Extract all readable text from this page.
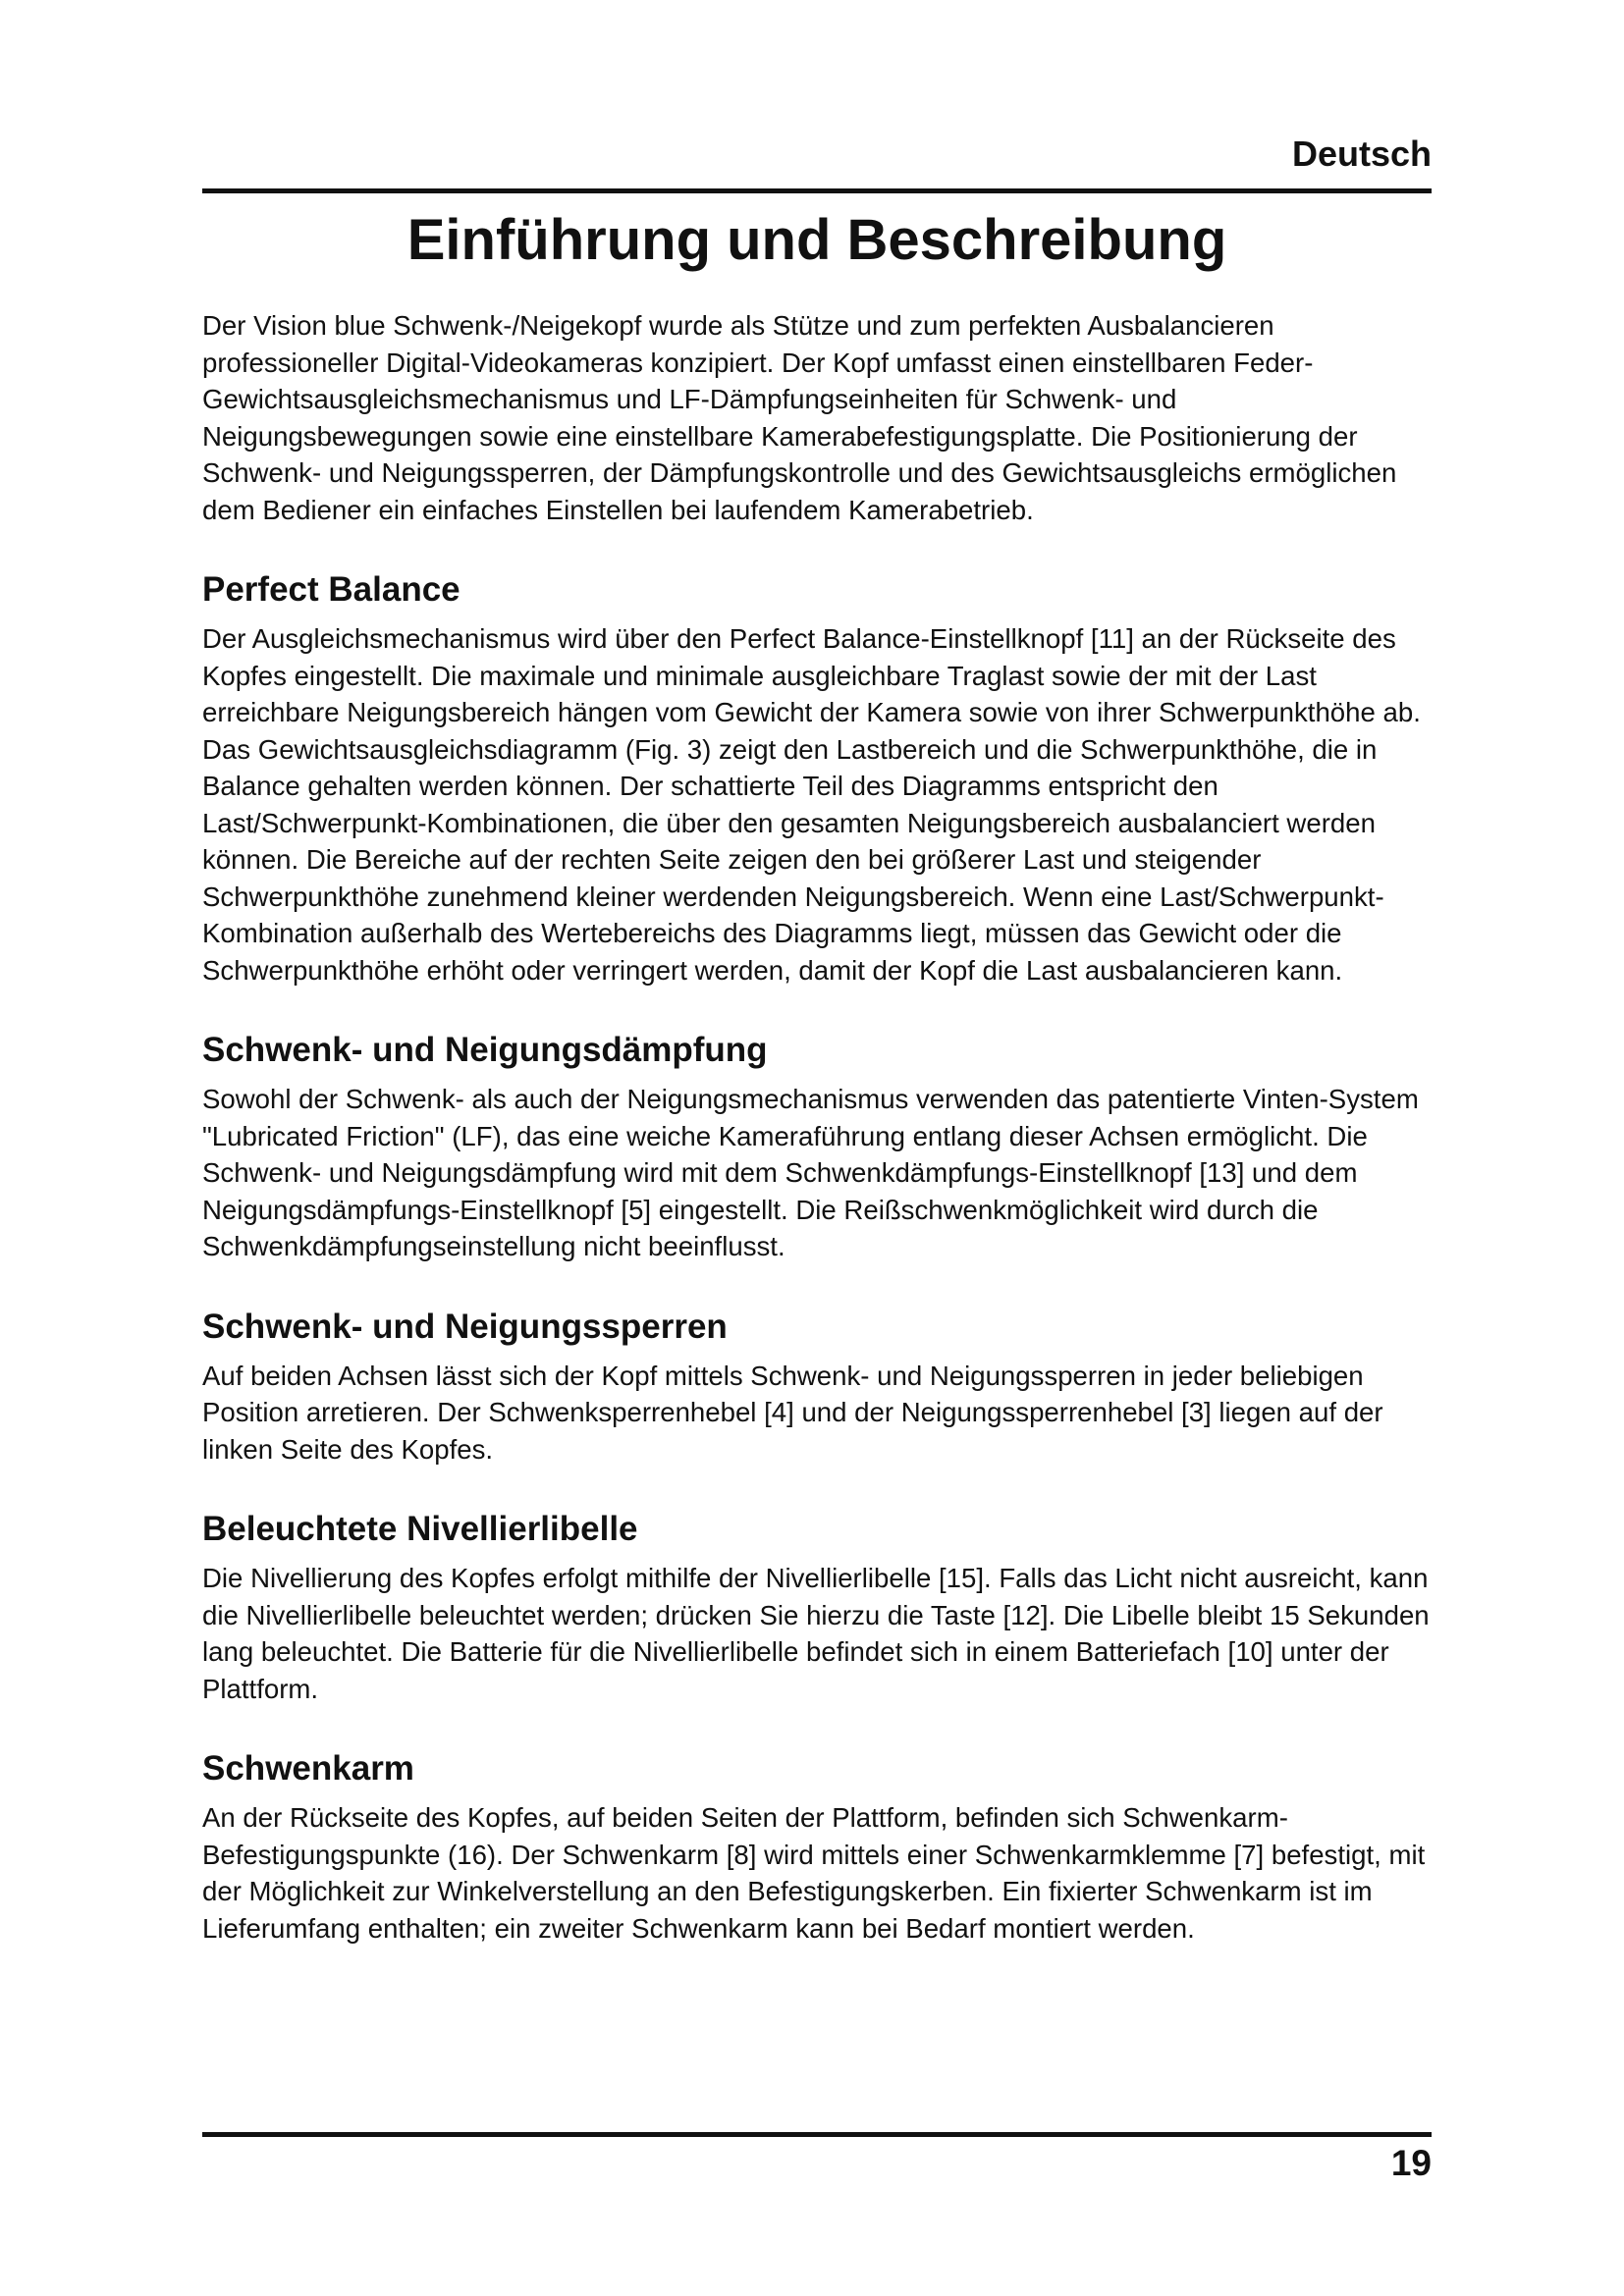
Deutsch

Einführung und Beschreibung

Der Vision blue Schwenk-/Neigekopf wurde als Stütze und zum perfekten Ausbalancieren professioneller Digital-Videokameras konzipiert. Der Kopf umfasst einen einstellbaren Feder-Gewichtsausgleichsmechanismus und LF-Dämpfungseinheiten für Schwenk- und Neigungsbewegungen sowie eine einstellbare Kamerabefestigungsplatte. Die Positionierung der Schwenk- und Neigungssperren, der Dämpfungskontrolle und des Gewichtsausgleichs ermöglichen dem Bediener ein einfaches Einstellen bei laufendem Kamerabetrieb.

Perfect Balance

Der Ausgleichsmechanismus wird über den Perfect Balance-Einstellknopf [11] an der Rückseite des Kopfes eingestellt. Die maximale und minimale ausgleichbare Traglast sowie der mit der Last erreichbare Neigungsbereich hängen vom Gewicht der Kamera sowie von ihrer Schwerpunkthöhe ab. Das Gewichtsausgleichsdiagramm (Fig. 3) zeigt den Lastbereich und die Schwerpunkthöhe, die in Balance gehalten werden können. Der schattierte Teil des Diagramms entspricht den Last/Schwerpunkt-Kombinationen, die über den gesamten Neigungsbereich ausbalanciert werden können. Die Bereiche auf der rechten Seite zeigen den bei größerer Last und steigender Schwerpunkthöhe zunehmend kleiner werdenden Neigungsbereich. Wenn eine Last/Schwerpunkt-Kombination außerhalb des Wertebereichs des Diagramms liegt, müssen das Gewicht oder die Schwerpunkthöhe erhöht oder verringert werden, damit der Kopf die Last ausbalancieren kann.

Schwenk- und Neigungsdämpfung

Sowohl der Schwenk- als auch der Neigungsmechanismus verwenden das patentierte Vinten-System "Lubricated Friction" (LF), das eine weiche Kameraführung entlang dieser Achsen ermöglicht. Die Schwenk- und Neigungsdämpfung wird mit dem Schwenkdämpfungs-Einstellknopf [13] und dem Neigungsdämpfungs-Einstellknopf [5] eingestellt. Die Reißschwenkmöglichkeit wird durch die Schwenkdämpfungseinstellung nicht beeinflusst.

Schwenk- und Neigungssperren

Auf beiden Achsen lässt sich der Kopf mittels Schwenk- und Neigungssperren in jeder beliebigen Position arretieren. Der Schwenksperrenhebel [4] und der Neigungssperrenhebel [3] liegen auf der linken Seite des Kopfes.

Beleuchtete Nivellierlibelle

Die Nivellierung des Kopfes erfolgt mithilfe der Nivellierlibelle [15]. Falls das Licht nicht ausreicht, kann die Nivellierlibelle beleuchtet werden; drücken Sie hierzu die Taste [12]. Die Libelle bleibt 15 Sekunden lang beleuchtet. Die Batterie für die Nivellierlibelle befindet sich in einem Batteriefach [10] unter der Plattform.

Schwenkarm

An der Rückseite des Kopfes, auf beiden Seiten der Plattform, befinden sich Schwenkarm-Befestigungspunkte (16). Der Schwenkarm [8] wird mittels einer Schwenkarmklemme [7] befestigt, mit der Möglichkeit zur Winkelverstellung an den Befestigungskerben. Ein fixierter Schwenkarm ist im Lieferumfang enthalten; ein zweiter Schwenkarm kann bei Bedarf montiert werden.

19
